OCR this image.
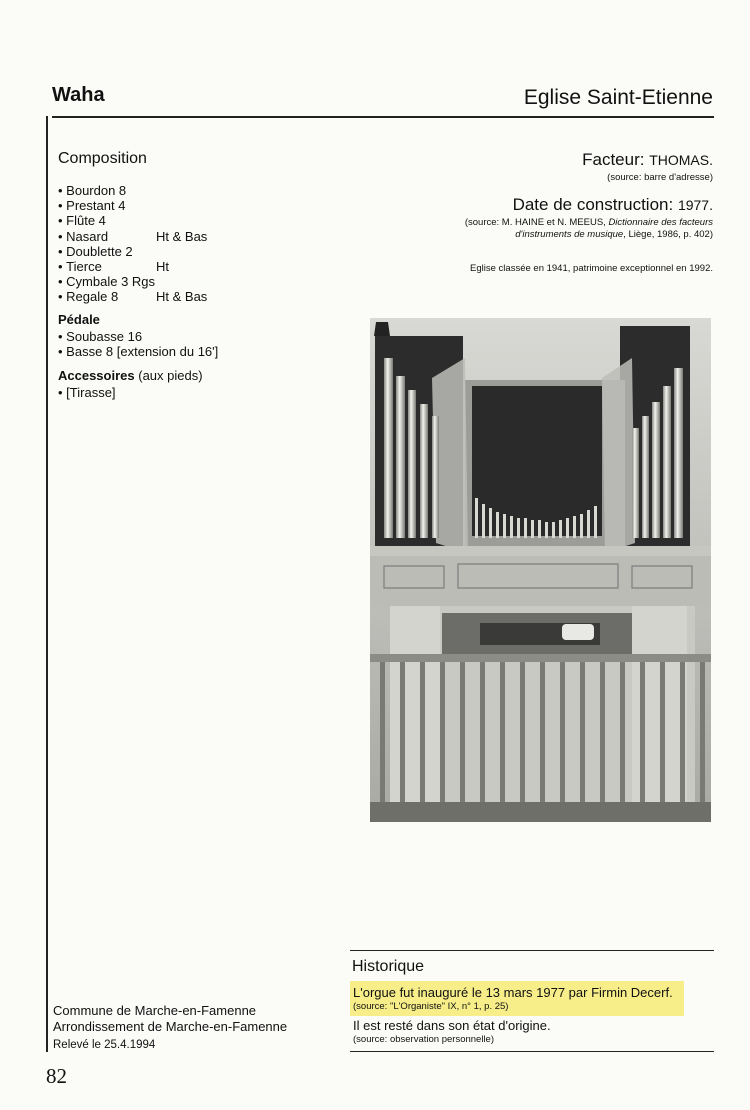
Waha	Eglise Saint-Etienne
Composition
• Bourdon 8
• Prestant 4
• Flûte 4
• Nasard	Ht & Bas
• Doublette 2
• Tierce	Ht
• Cymbale 3 Rgs
• Regale 8	Ht & Bas
Pédale
• Soubasse 16
• Basse 8 [extension du 16']
Accessoires (aux pieds)
• [Tirasse]
Facteur: THOMAS.
(source: barre d'adresse)
Date de construction: 1977.
(source: M. HAINE et N. MEEUS, Dictionnaire des facteurs
d'instruments de musique, Liège, 1986, p. 402)
Eglise classée en 1941, patrimoine exceptionnel en 1992.
Historique
L'orgue fut inauguré le 13 mars 1977 par Firmin Decerf.
(source: "L'Organiste" IX, n° 1, p. 25)
Il est resté dans son état d'origine.
(source: observation personnelle)
Commune de Marche-en-Famenne
Arrondissement de Marche-en-Famenne
Relevé le 25.4.1994
82
